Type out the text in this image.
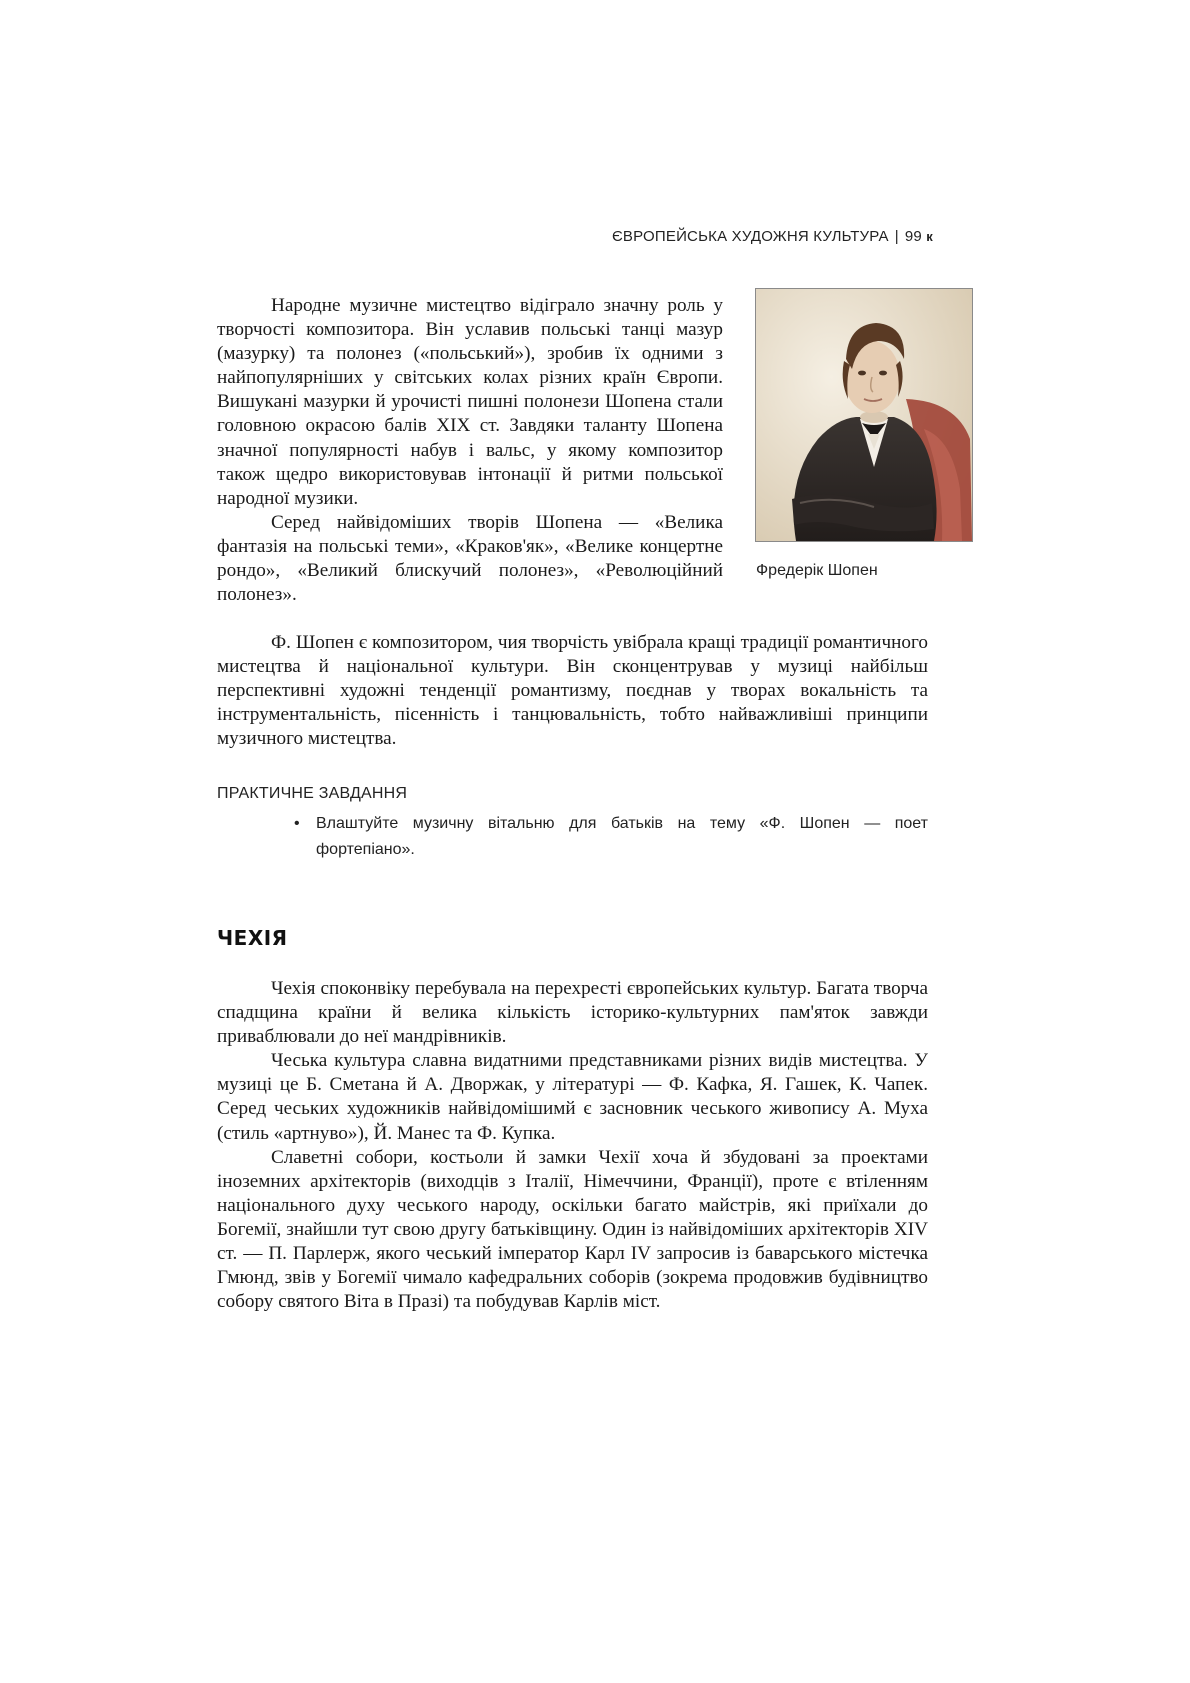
ЄВРОПЕЙСЬКА ХУДОЖНЯ КУЛЬТУРА | 99 к

Народне музичне мистецтво відіграло значну роль у творчості композитора. Він уславив польські танці мазур (мазурку) та полонез («польський»), зробив їх одними з найпопулярніших у світських колах різних країн Європи. Вишукані мазурки й урочисті пишні полонези Шопена стали головною окрасою балів XIX ст. Завдяки таланту Шопена значної популярності набув і вальс, у якому композитор також щедро використовував інтонації й ритми польської народної музики.

Серед найвідоміших творів Шопена — «Велика фантазія на польські теми», «Краков'як», «Велике концертне рондо», «Великий блискучий полонез», «Революційний полонез».

Фредерік Шопен

Ф. Шопен є композитором, чия творчість увібрала кращі традиції романтичного мистецтва й національної культури. Він сконцентрував у музиці найбільш перспективні художні тенденції романтизму, поєднав у творах вокальність та інструментальність, пісенність і танцювальність, тобто найважливіші принципи музичного мистецтва.

ПРАКТИЧНЕ ЗАВДАННЯ
•	Влаштуйте музичну вітальню для батьків на тему «Ф. Шопен — поет фортепіано».
ЧЕХІЯ

Чехія споконвіку перебувала на перехресті європейських культур. Багата творча спадщина країни й велика кількість історико-культурних пам'яток завжди приваблювали до неї мандрівників.

Чеська культура славна видатними представниками різних видів мистецтва. У музиці це Б. Сметана й А. Дворжак, у літературі — Ф. Кафка, Я. Гашек, К. Чапек. Серед чеських художників найвідомішимй є засновник чеського живопису А. Муха (стиль «артнуво»), Й. Манес та Ф. Купка.

Славетні собори, костьоли й замки Чехії хоча й збудовані за проектами іноземних архітекторів (виходців з Італії, Німеччини, Франції), проте є втіленням національного духу чеського народу, оскільки багато майстрів, які приїхали до Богемії, знайшли тут свою другу батьківщину. Один із найвідоміших архітекторів XIV ст. — П. Парлерж, якого чеський імператор Карл IV запросив із баварського містечка Гмюнд, звів у Богемії чимало кафедральних соборів (зокрема продовжив будівництво собору святого Віта в Празі) та побудував Карлів міст.
